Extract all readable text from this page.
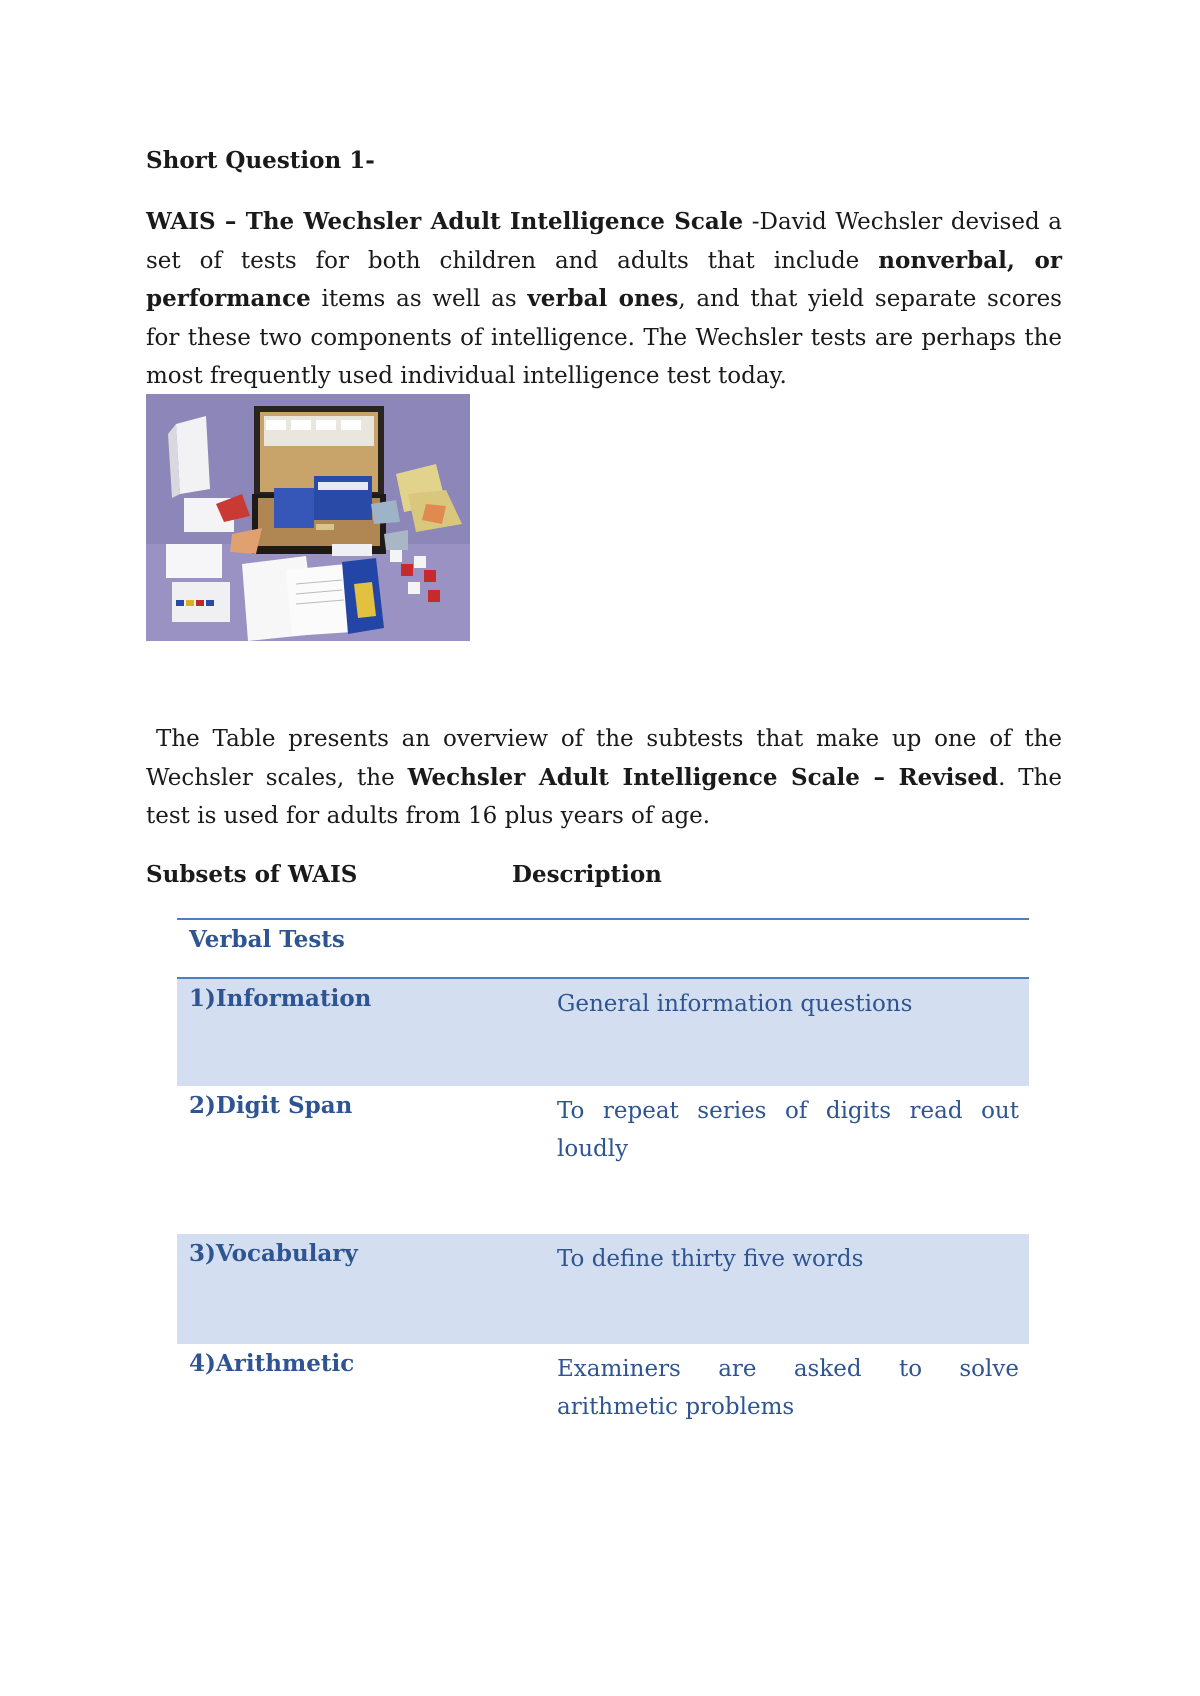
Short Question 1-

WAIS – The Wechsler Adult Intelligence Scale -David Wechsler devised a set of tests for both children and adults that include nonverbal, or performance items as well as verbal ones, and that yield separate scores for these two components of intelligence. The Wechsler tests are perhaps the most frequently used individual intelligence test today.

The Table presents an overview of the subtests that make up one of the Wechsler scales, the Wechsler Adult Intelligence Scale – Revised. The test is used for adults from 16 plus years of age.

Subsets of WAIS	Description

Verbal Tests	
1)Information	General information questions
2)Digit Span	To repeat series of digits read out loudly
3)Vocabulary	To define thirty five words
4)Arithmetic	Examiners are asked to solve arithmetic problems
